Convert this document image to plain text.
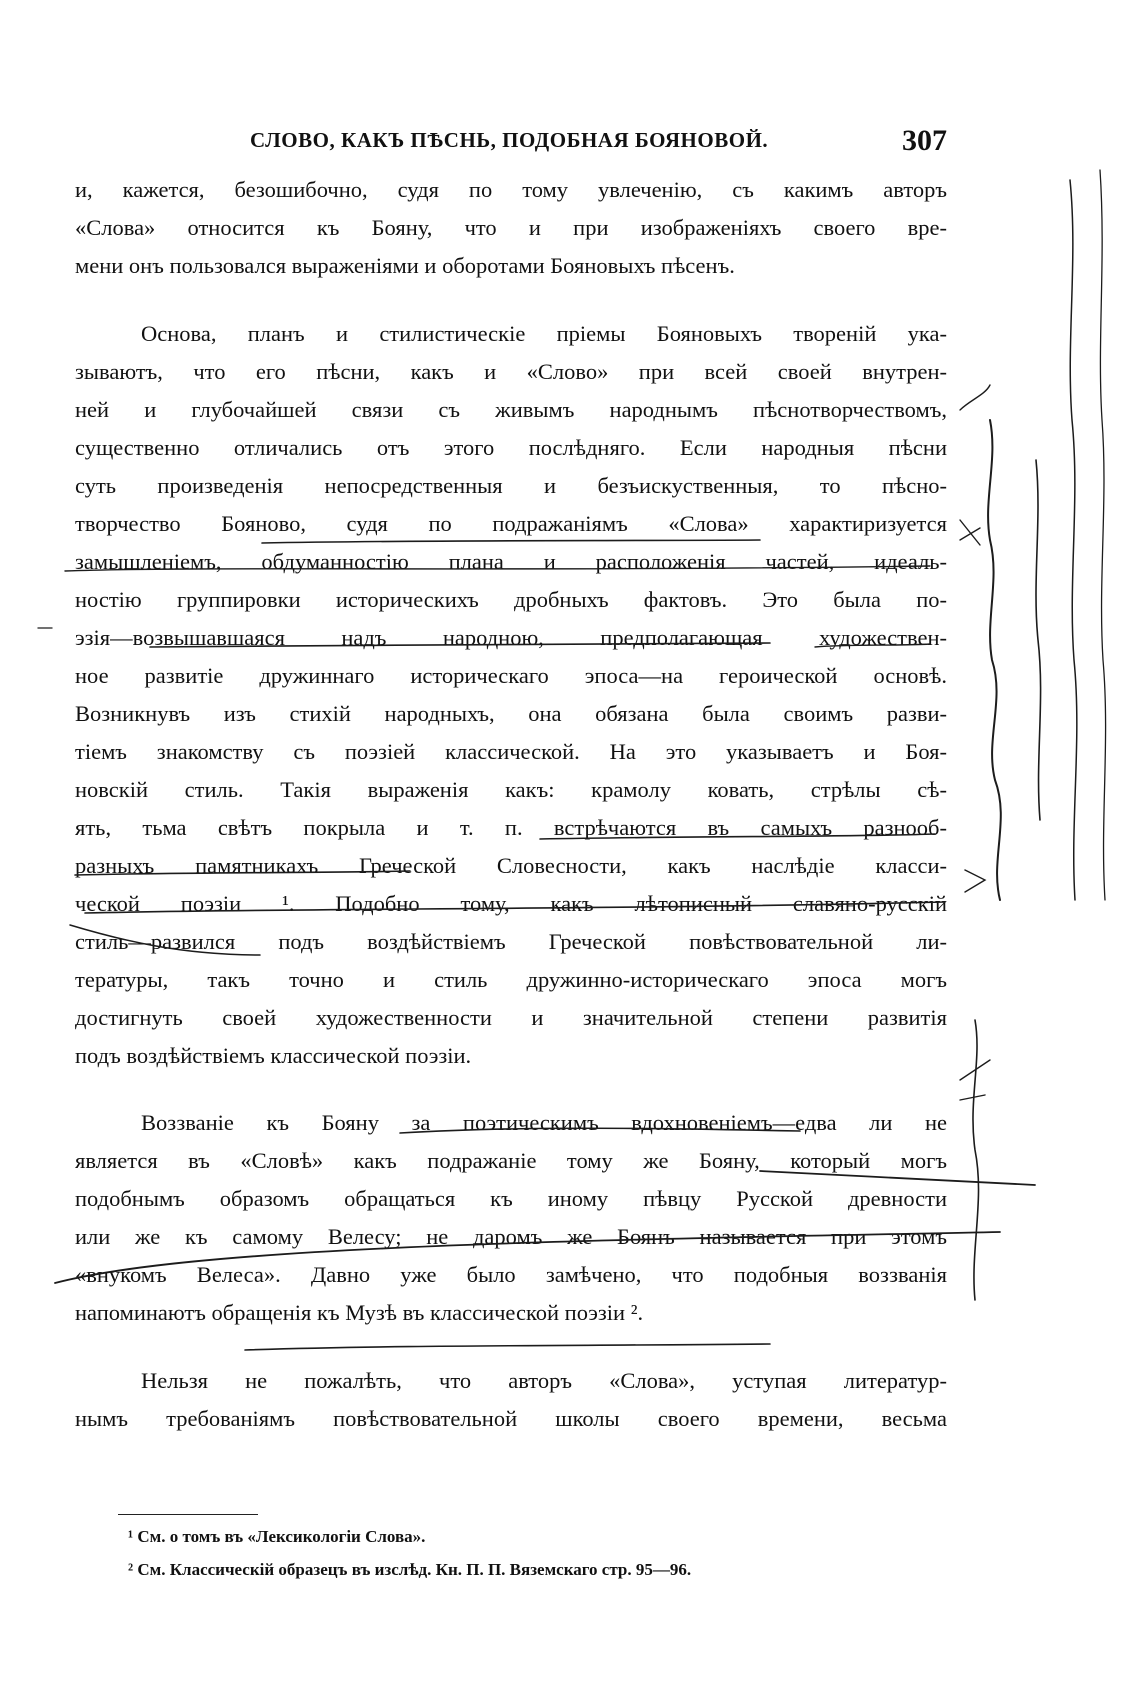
СЛОВО, КАКЪ ПѢСНЬ, ПОДОБНАЯ БОЯНОВОЙ.	307
и, кажется, безошибочно, судя по тому увлеченію, съ какимъ авторъ
«Слова» относится къ Бояну, что и при изображеніяхъ своего вре-
мени онъ пользовался выраженіями и оборотами Бояновыхъ пѣсенъ.
Основа, планъ и стилистическіе пріемы Бояновыхъ твореній ука-
зываютъ, что его пѣсни, какъ и «Слово» при всей своей внутрен-
ней и глубочайшей связи съ живымъ народнымъ пѣснотворчествомъ,
существенно отличались отъ этого послѣдняго. Если народныя пѣсни
суть произведенія непосредственныя и безъискуственныя, то пѣсно-
творчество Бояново, судя по подражаніямъ «Слова» характиризуется
замышленіемъ, обдуманностію плана и расположенія частей, идеаль-
ностію группировки историческихъ дробныхъ фактовъ. Это была по-
эзія—возвышавшаяся надъ народною, предполагающая художествен-
ное развитіе дружиннаго историческаго эпоса—на героической основѣ.
Возникнувъ изъ стихій народныхъ, она обязана была своимъ разви-
тіемъ знакомству съ поэзіей классической. На это указываетъ и Боя-
новскій стиль. Такія выраженія какъ: крамолу ковать, стрѣлы сѣ-
ять, тьма свѣтъ покрыла и т. п. встрѣчаются въ самыхъ разнооб-
разныхъ памятникахъ Греческой Словесности, какъ наслѣдіе класси-
ческой поэзіи ¹. Подобно тому, какъ лѣтописный славяно-русскій
стиль—развился подъ воздѣйствіемъ Греческой повѣствовательной ли-
тературы, такъ точно и стиль дружинно-историческаго эпоса могъ
достигнуть своей художественности и значительной степени развитія
подъ воздѣйствіемъ классической поэзіи.
Воззваніе къ Бояну за поэтическимъ вдохновеніемъ—едва ли не
является въ «Словѣ» какъ подражаніе тому же Бояну, который могъ
подобнымъ образомъ обращаться къ иному пѣвцу Русской древности
или же къ самому Велесу; не даромъ же Боянъ называется при этомъ
«внукомъ Велеса». Давно уже было замѣчено, что подобныя воззванія
напоминаютъ обращенія къ Музѣ въ классической поэзіи ².
Нельзя не пожалѣть, что авторъ «Слова», уступая литератур-
нымъ требованіямъ повѣствовательной школы своего времени, весьма
¹ См. о томъ въ «Лексикологіи Слова».
² См. Классическій образецъ въ изслѣд. Кн. П. П. Вяземскаго стр. 95—96.
